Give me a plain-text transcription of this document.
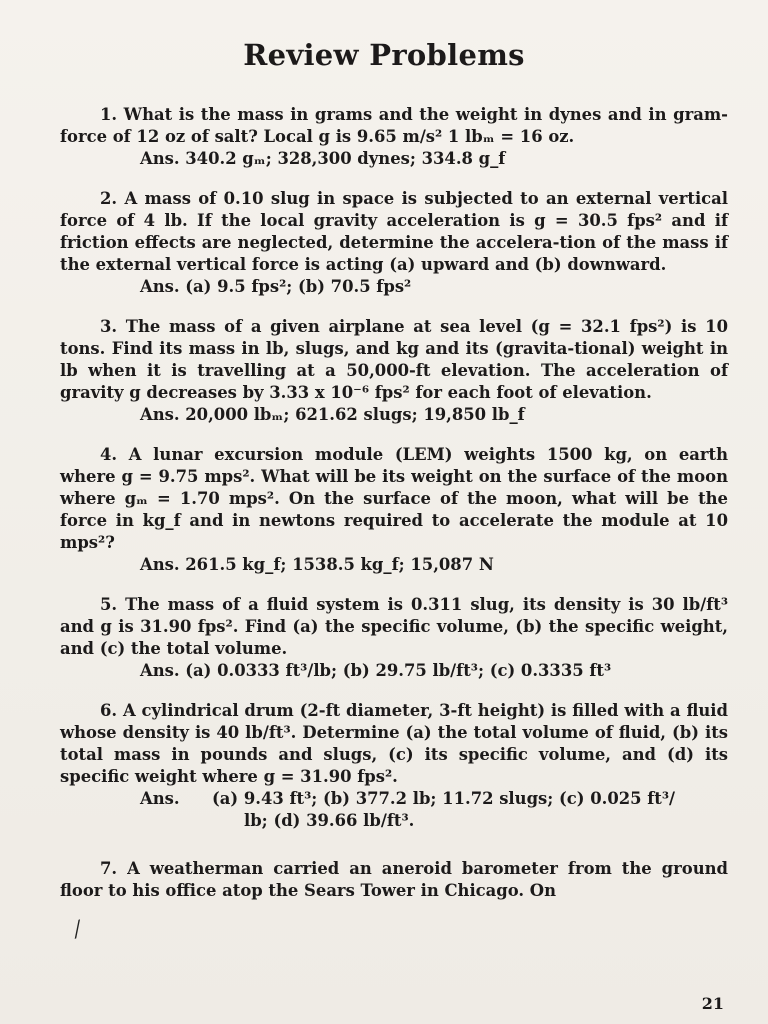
Review Problems

1. What is the mass in grams and the weight in dynes and in gram-force of 12 oz of salt? Local g is 9.65 m/s² 1 lbₘ = 16 oz.

Ans. 340.2 gₘ; 328,300 dynes; 334.8 g_f

2. A mass of 0.10 slug in space is subjected to an external vertical force of 4 lb. If the local gravity acceleration is g = 30.5 fps² and if friction effects are neglected, determine the accelera-tion of the mass if the external vertical force is acting (a) upward and (b) downward.

Ans. (a) 9.5 fps²; (b) 70.5 fps²

3. The mass of a given airplane at sea level (g = 32.1 fps²) is 10 tons. Find its mass in lb, slugs, and kg and its (gravita-tional) weight in lb when it is travelling at a 50,000-ft elevation. The acceleration of gravity g decreases by 3.33 x 10⁻⁶ fps² for each foot of elevation.

Ans. 20,000 lbₘ; 621.62 slugs; 19,850 lb_f

4. A lunar excursion module (LEM) weights 1500 kg, on earth where g = 9.75 mps². What will be its weight on the surface of the moon where gₘ = 1.70 mps². On the surface of the moon, what will be the force in kg_f and in newtons required to accelerate the module at 10 mps²?

Ans. 261.5 kg_f; 1538.5 kg_f; 15,087 N

5. The mass of a fluid system is 0.311 slug, its density is 30 lb/ft³ and g is 31.90 fps². Find (a) the specific volume, (b) the specific weight, and (c) the total volume.

Ans. (a) 0.0333 ft³/lb; (b) 29.75 lb/ft³; (c) 0.3335 ft³

6. A cylindrical drum (2-ft diameter, 3-ft height) is filled with a fluid whose density is 40 lb/ft³. Determine (a) the total volume of fluid, (b) its total mass in pounds and slugs, (c) its specific volume, and (d) its specific weight where g = 31.90 fps².

Ans.	(a) 9.43 ft³; (b) 377.2 lb; 11.72 slugs; (c) 0.025 ft³/
lb; (d) 39.66 lb/ft³.

7. A weatherman carried an aneroid barometer from the ground floor to his office atop the Sears Tower in Chicago. On

⁄
21
